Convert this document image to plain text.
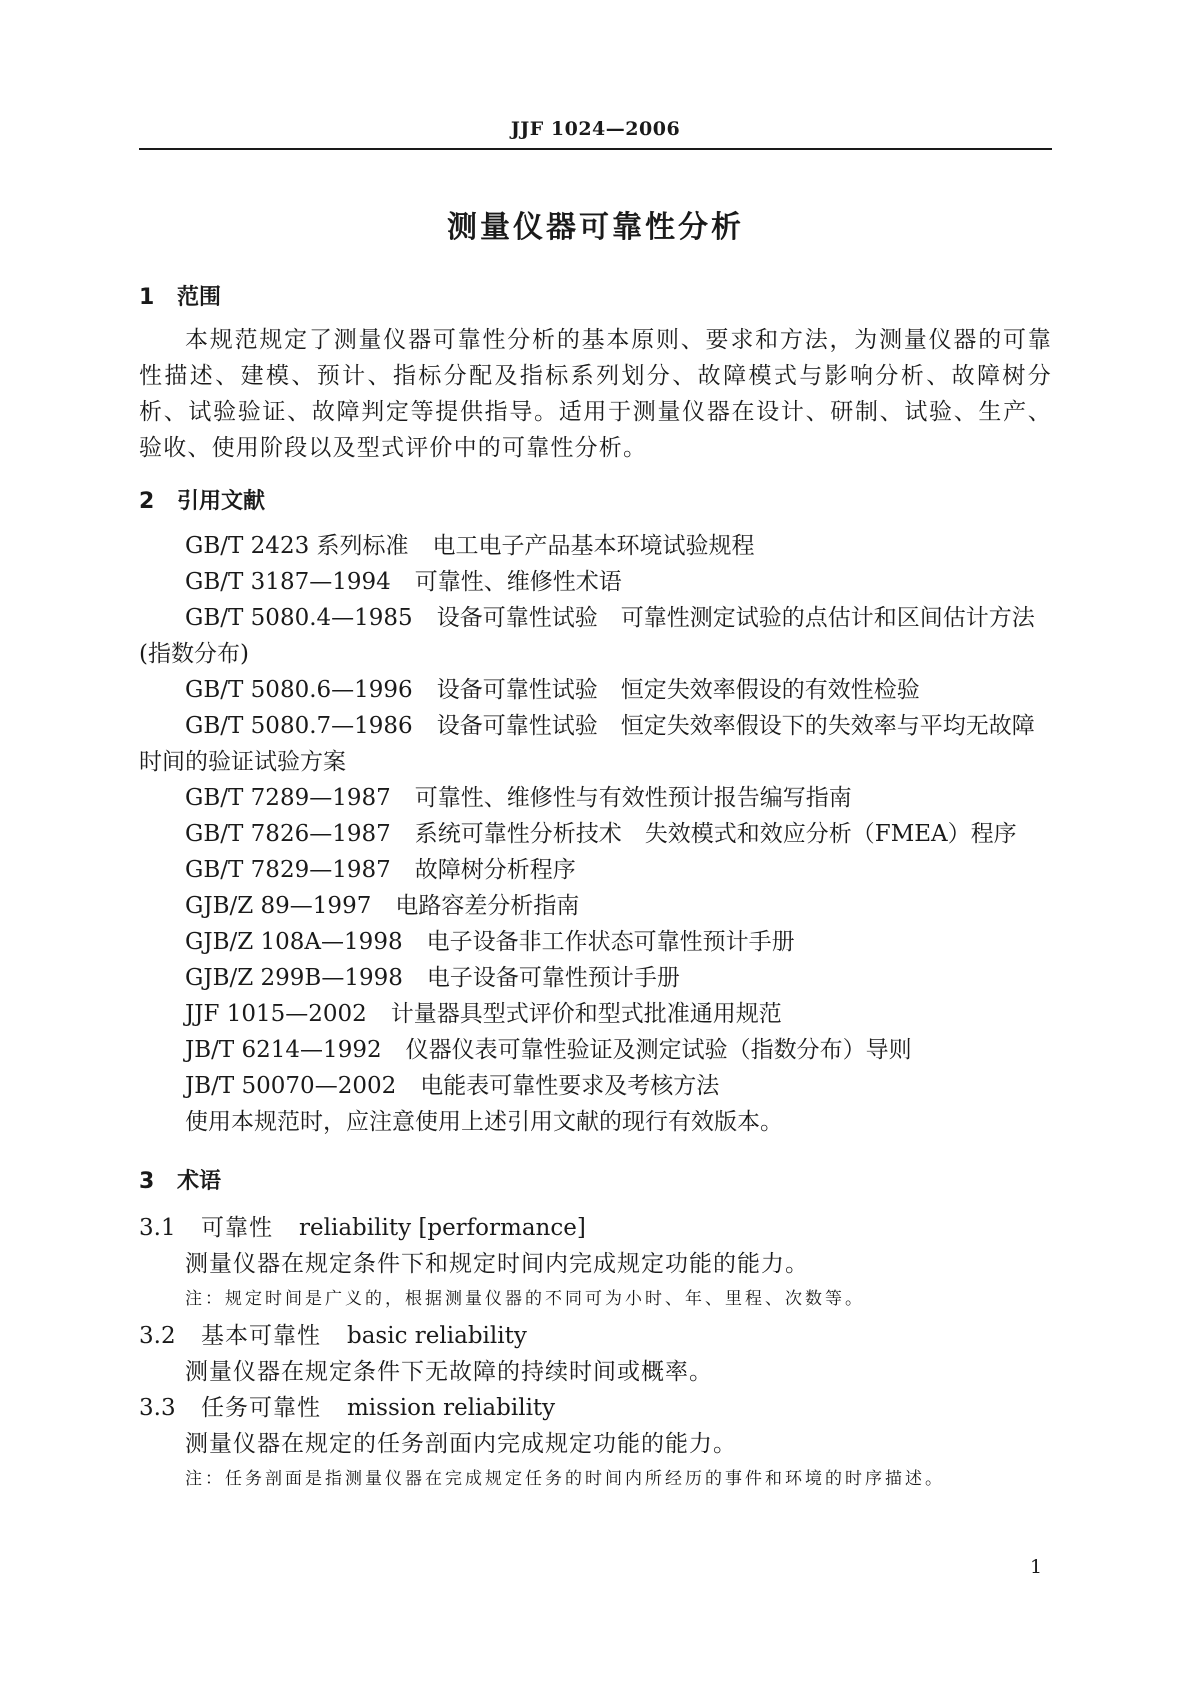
JJF 1024—2006
测量仪器可靠性分析
1 范围
本规范规定了测量仪器可靠性分析的基本原则、要求和方法，为测量仪器的可靠性描述、建模、预计、指标分配及指标系列划分、故障模式与影响分析、故障树分析、试验验证、故障判定等提供指导。适用于测量仪器在设计、研制、试验、生产、验收、使用阶段以及型式评价中的可靠性分析。
2 引用文献
GB/T 2423 系列标准 电工电子产品基本环境试验规程
GB/T 3187—1994 可靠性、维修性术语
GB/T 5080.4—1985 设备可靠性试验　可靠性测定试验的点估计和区间估计方法
(指数分布)
GB/T 5080.6—1996 设备可靠性试验　恒定失效率假设的有效性检验
GB/T 5080.7—1986 设备可靠性试验　恒定失效率假设下的失效率与平均无故障
时间的验证试验方案
GB/T 7289—1987 可靠性、维修性与有效性预计报告编写指南
GB/T 7826—1987 系统可靠性分析技术　失效模式和效应分析（FMEA）程序
GB/T 7829—1987 故障树分析程序
GJB/Z 89—1997 电路容差分析指南
GJB/Z 108A—1998 电子设备非工作状态可靠性预计手册
GJB/Z 299B—1998 电子设备可靠性预计手册
JJF 1015—2002 计量器具型式评价和型式批准通用规范
JB/T 6214—1992 仪器仪表可靠性验证及测定试验（指数分布）导则
JB/T 50070—2002 电能表可靠性要求及考核方法
使用本规范时，应注意使用上述引用文献的现行有效版本。
3 术语
3.1 可靠性 reliability [performance]
测量仪器在规定条件下和规定时间内完成规定功能的能力。
注：规定时间是广义的，根据测量仪器的不同可为小时、年、里程、次数等。
3.2 基本可靠性 basic reliability
测量仪器在规定条件下无故障的持续时间或概率。
3.3 任务可靠性 mission reliability
测量仪器在规定的任务剖面内完成规定功能的能力。
注：任务剖面是指测量仪器在完成规定任务的时间内所经历的事件和环境的时序描述。
1
